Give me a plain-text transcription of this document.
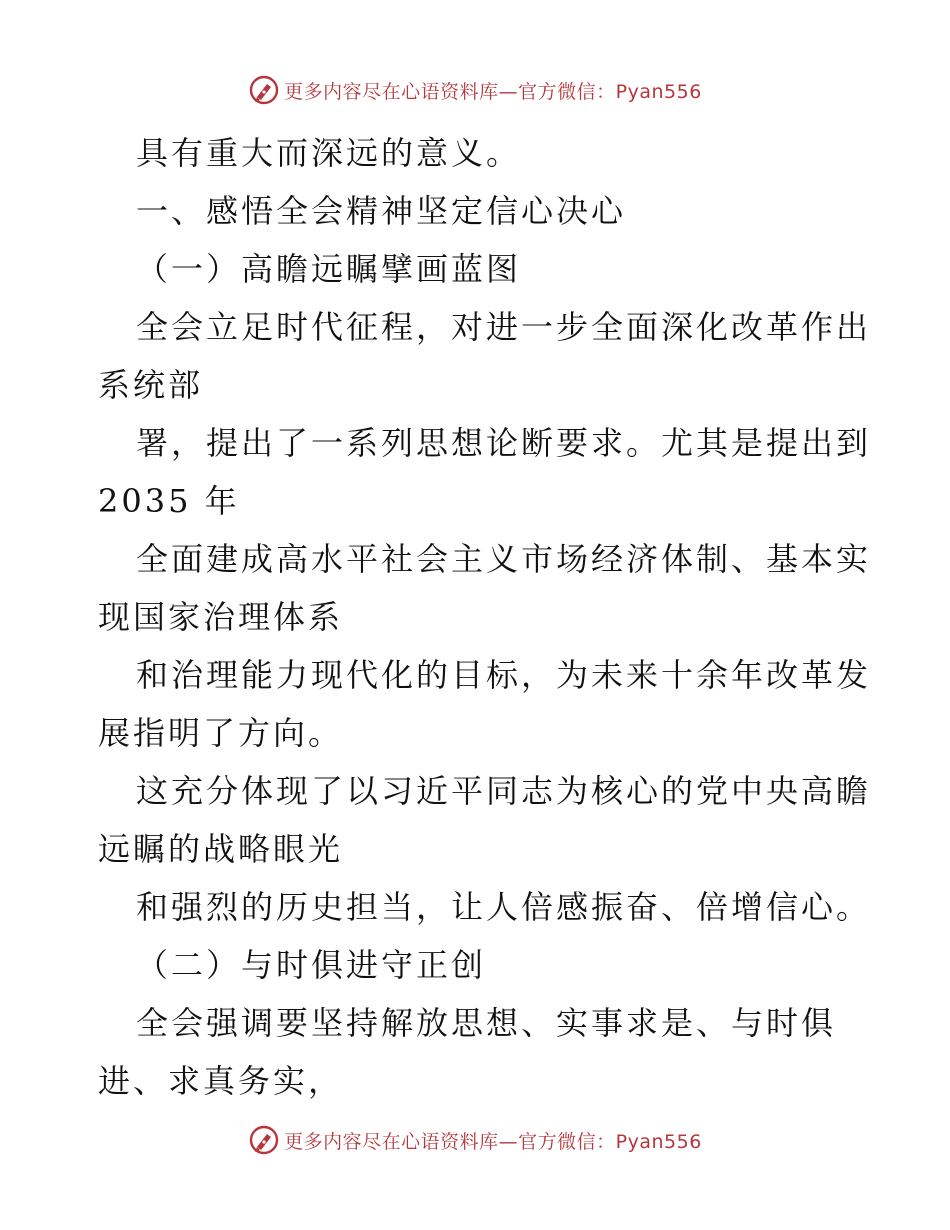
更多内容尽在心语资料库—官方微信：Pyan556
具有重大而深远的意义。
一、感悟全会精神坚定信心决心
（一）高瞻远瞩擘画蓝图
全会立足时代征程，对进一步全面深化改革作出
系统部
署，提出了一系列思想论断要求。尤其是提出到
2035 年
全面建成高水平社会主义市场经济体制、基本实
现国家治理体系
和治理能力现代化的目标，为未来十余年改革发
展指明了方向。
这充分体现了以习近平同志为核心的党中央高瞻
远瞩的战略眼光
和强烈的历史担当，让人倍感振奋、倍增信心。
（二）与时俱进守正创
全会强调要坚持解放思想、实事求是、与时俱
进、求真务实，
更多内容尽在心语资料库—官方微信：Pyan556
